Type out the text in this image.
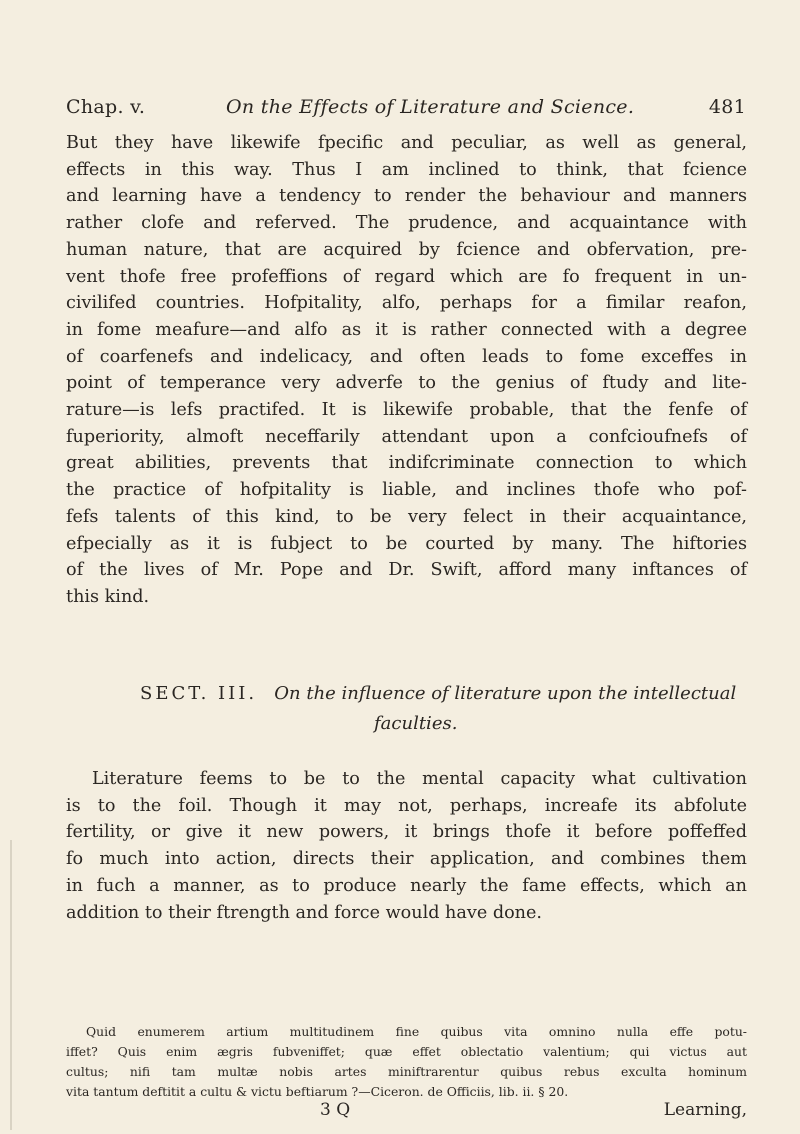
Chap. v.	On the Effects of Literature and Science.	481
But they have likewife fpecific and peculiar, as well as general,
effects in this way. Thus I am inclined to think, that fcience
and learning have a tendency to render the behaviour and manners
rather clofe and referved. The prudence, and acquaintance with
human nature, that are acquired by fcience and obfervation, pre-
vent thofe free profeffions of regard which are fo frequent in un-
civilifed countries. Hofpitality, alfo, perhaps for a fimilar reafon,
in fome meafure—and alfo as it is rather connected with a degree
of coarfenefs and indelicacy, and often leads to fome exceffes in
point of temperance very adverfe to the genius of ftudy and lite-
rature—is lefs practifed. It is likewife probable, that the fenfe of
fuperiority, almoft neceffarily attendant upon a confcioufnefs of
great abilities, prevents that indifcriminate connection to which
the practice of hofpitality is liable, and inclines thofe who pof-
fefs talents of this kind, to be very felect in their acquaintance,
efpecially as it is fubject to be courted by many. The hiftories
of the lives of Mr. Pope and Dr. Swift, afford many inftances of
this kind.
SECT. III. On the influence of literature upon the intellectual
faculties.
Literature feems to be to the mental capacity what cultivation
is to the foil. Though it may not, perhaps, increafe its abfolute
fertility, or give it new powers, it brings thofe it before poffeffed
fo much into action, directs their application, and combines them
in fuch a manner, as to produce nearly the fame effects, which an
addition to their ftrength and force would have done.
Quid enumerem artium multitudinem fine quibus vita omnino nulla effe potu-
iffet? Quis enim ægris fubveniffet; quæ effet oblectatio valentium; qui victus aut
cultus; nifi tam multæ nobis artes miniftrarentur quibus rebus exculta hominum
vita tantum deftitit a cultu & victu beftiarum ?—Ciceron. de Officiis, lib. ii. § 20.
3 Q	Learning,
